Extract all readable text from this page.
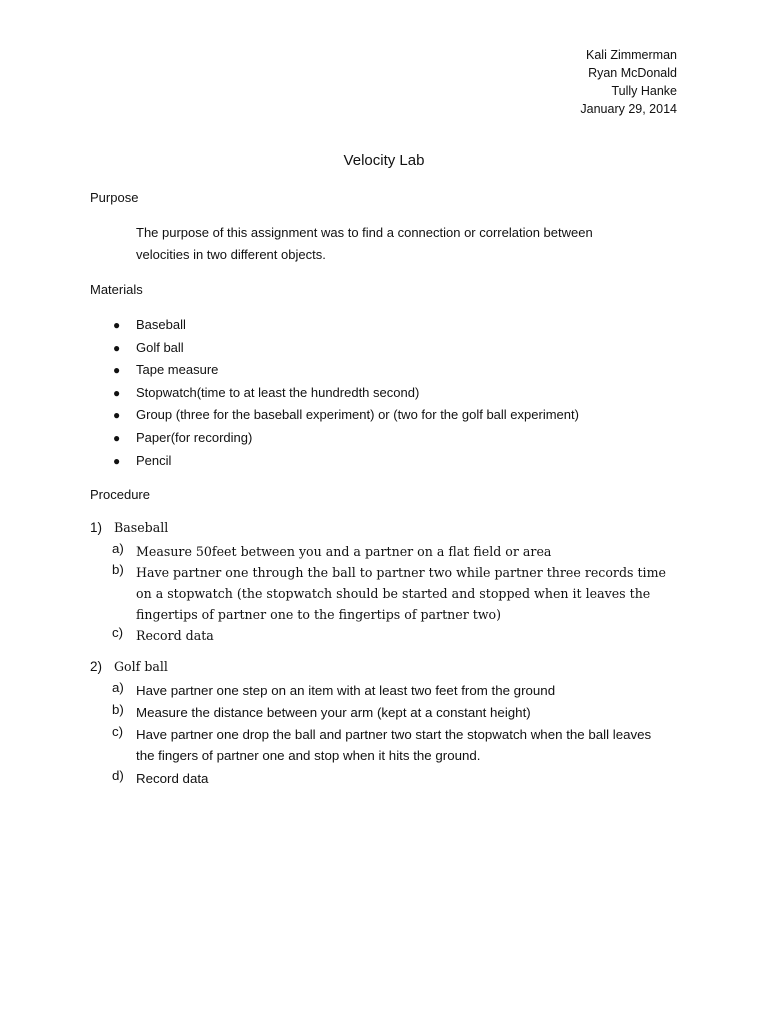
Kali Zimmerman
Ryan McDonald
Tully Hanke
January 29, 2014
Velocity Lab
Purpose
The purpose of this assignment was to find a connection or correlation between velocities in two different objects.
Materials
● Baseball
● Golf ball
● Tape measure
● Stopwatch(time to at least the hundredth second)
● Group (three for the baseball experiment) or (two for the golf ball experiment)
● Paper(for recording)
● Pencil
Procedure
1) Baseball
a) Measure 50feet between you and a partner on a flat field or area
b) Have partner one through the ball to partner two while partner three records time on a stopwatch (the stopwatch should be started and stopped when it leaves the fingertips of partner one to the fingertips of partner two)
c) Record data
2) Golf ball
a) Have partner one step on an item with at least two feet from the ground
b) Measure the distance between your arm (kept at a constant height)
c) Have partner one drop the ball and partner two start the stopwatch when the ball leaves the fingers of partner one and stop when it hits the ground.
d) Record data
